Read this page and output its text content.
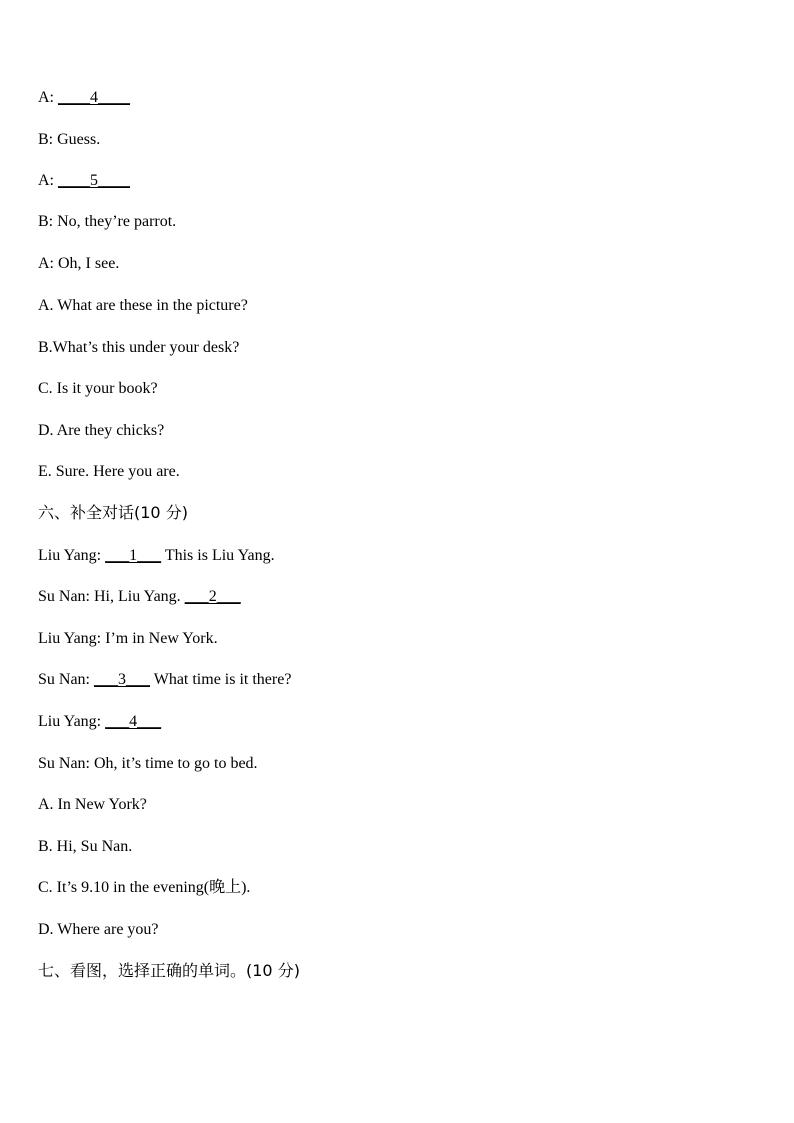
A: ____4____
B: Guess.
A: ____5____
B: No, they’re parrot.
A: Oh, I see.
A. What are these in the picture?
B.What’s this under your desk?
C. Is it your book?
D. Are they chicks?
E. Sure. Here you are.
六、补全对话(10 分)
Liu Yang: ___1___ This is Liu Yang.
Su Nan: Hi, Liu Yang. ___2___
Liu Yang: I’m in New York.
Su Nan: ___3___ What time is it there?
Liu Yang: ___4___
Su Nan: Oh, it’s time to go to bed.
A. In New York?
B. Hi, Su Nan.
C. It’s 9.10 in the evening(晚上).
D. Where are you?
七、看图，选择正确的单词。(10 分)
